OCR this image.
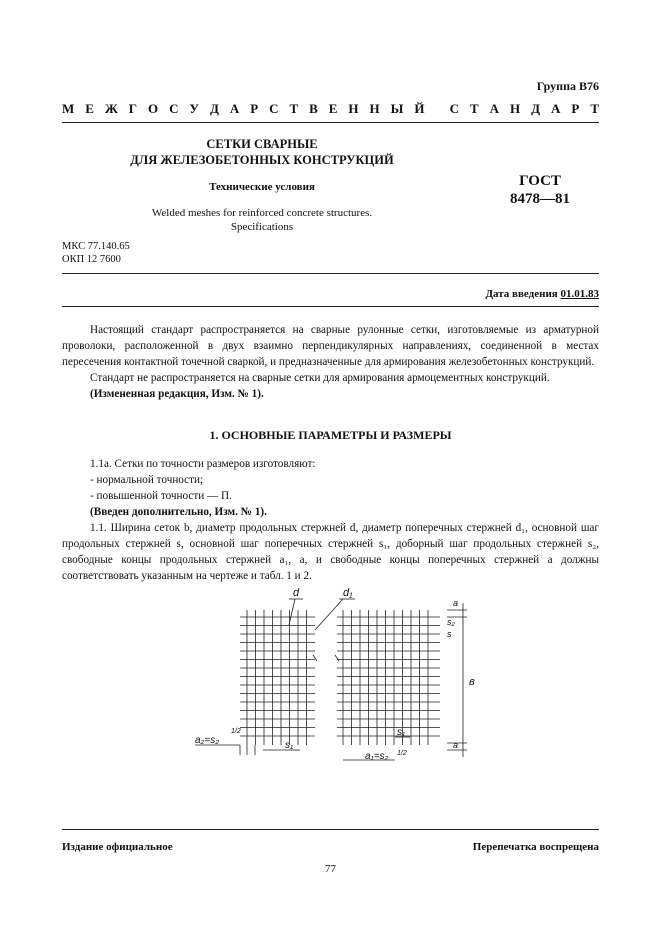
Группа В76
М Е Ж Г О С У Д А Р С Т В Е Н Н Ы Й
С Т А Н Д А Р Т
СЕТКИ СВАРНЫЕ
ДЛЯ ЖЕЛЕЗОБЕТОННЫХ КОНСТРУКЦИЙ
Технические условия
Welded meshes for reinforced concrete structures.
Specifications
ГОСТ
8478—81
МКС 77.140.65
ОКП 12 7600
Дата введения 01.01.83

Настоящий стандарт распространяется на сварные рулонные сетки, изготовляемые из арматурной проволоки, расположенной в двух взаимно перпендикулярных направлениях, соединенной в местах пересечения контактной точечной сваркой, и предназначенные для армирования железобетонных конструкций.

Стандарт не распространяется на сварные сетки для армирования армоцементных конструкций.

(Измененная редакция, Изм. № 1).

1. ОСНОВНЫЕ ПАРАМЕТРЫ И РАЗМЕРЫ

1.1а. Сетки по точности размеров изготовляют:

- нормальной точности;

- повышенной точности — П.

(Введен дополнительно, Изм. № 1).

1.1. Ширина сеток b, диаметр продольных стержней d, диаметр поперечных стержней d₁, основной шаг продольных стержней s, основной шаг поперечных стержней s₁, доборный шаг продольных стержней s₂, свободные концы продольных стержней a₁, a, и свободные концы поперечных стержней a должны соответствовать указанным на чертеже и табл. 1 и 2.

d	d₁
a
s
s₂
в
a
s₁
a₂=s₂
1/2	s₁
a₁=s₂ 1/2
Издание официальное	Перепечатка воспрещена
77
